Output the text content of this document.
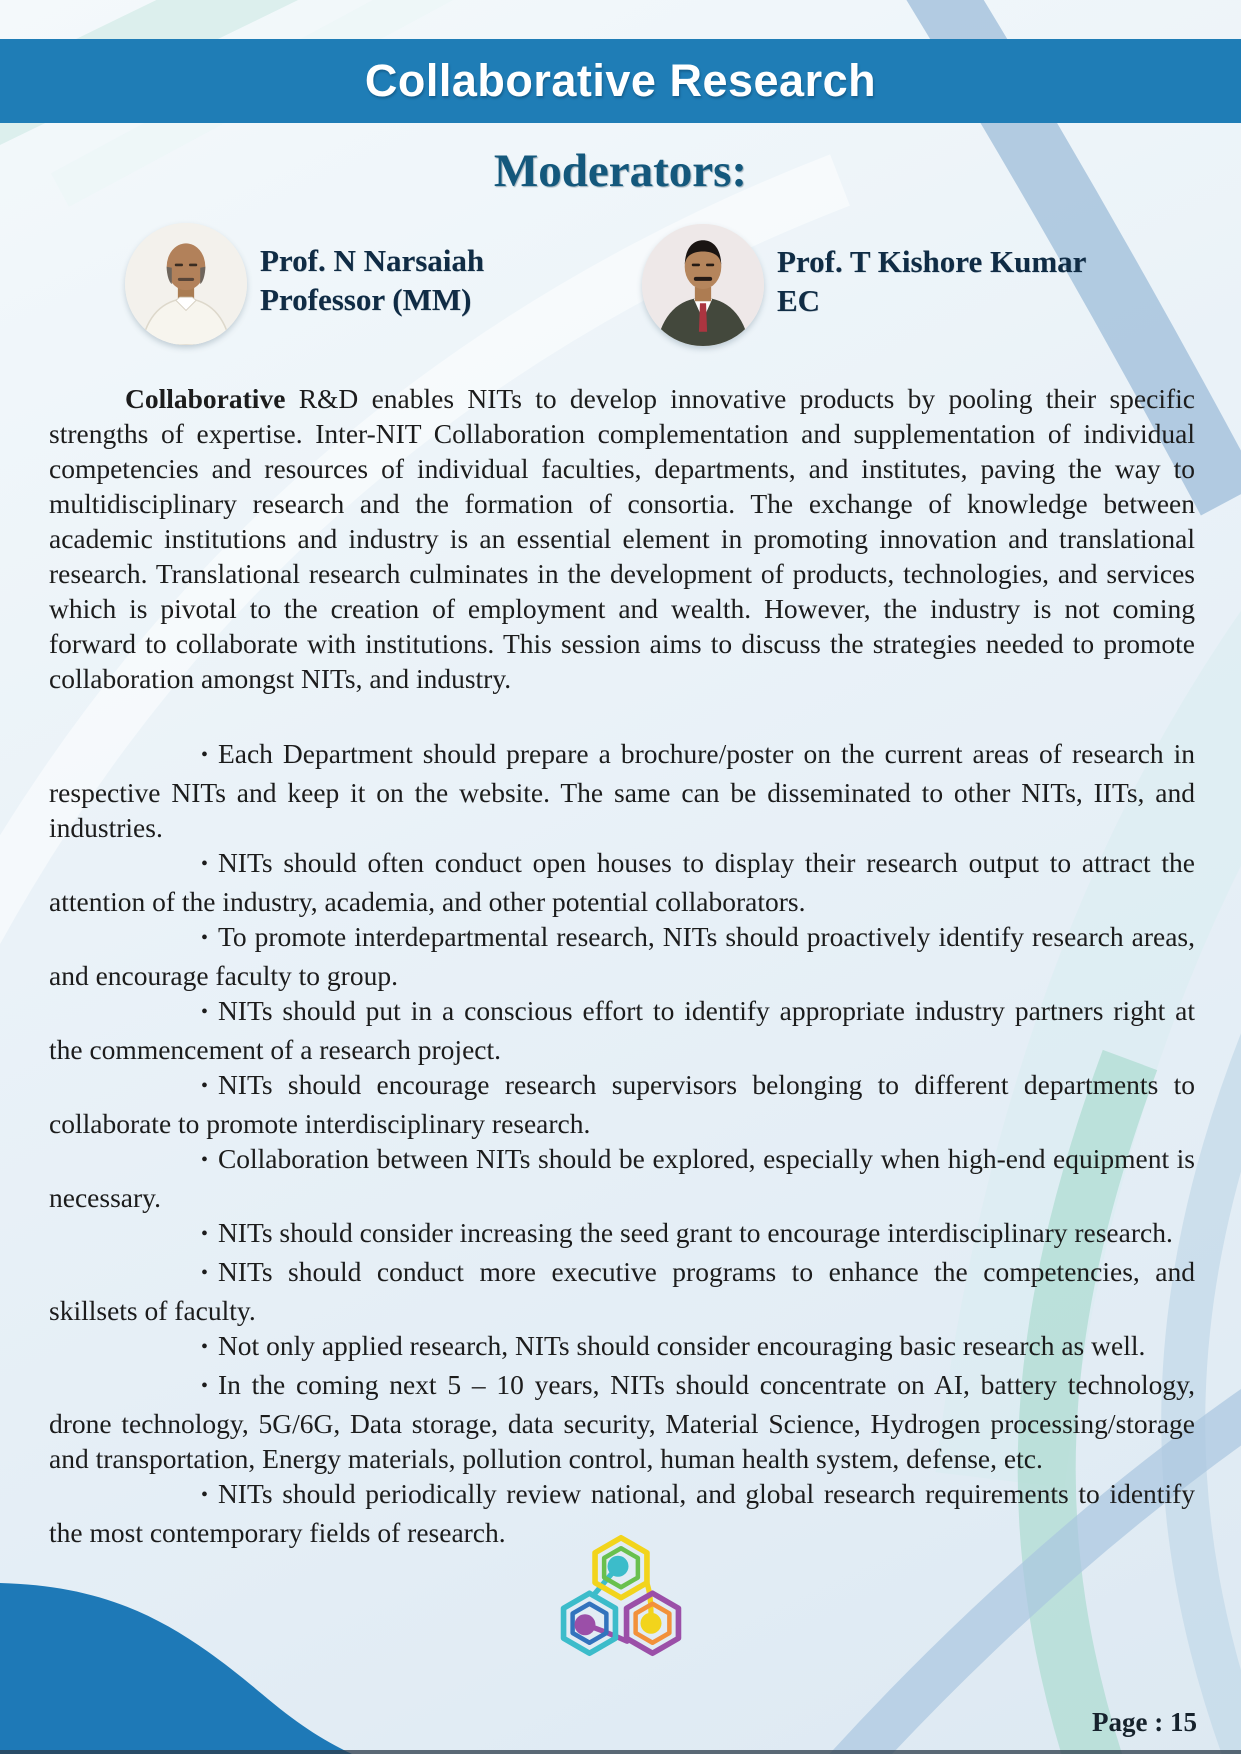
Collaborative Research
Moderators:
Prof. N Narsaiah
Professor (MM)
Prof. T Kishore Kumar
EC

Collaborative R&D enables NITs to develop innovative products by pooling their specific strengths of expertise. Inter-NIT Collaboration complementation and supplementation of individual competencies and resources of individual faculties, departments, and institutes, paving the way to multidisciplinary research and the formation of consortia. The exchange of knowledge between academic institutions and industry is an essential element in promoting innovation and translational research. Translational research culminates in the development of products, technologies, and services which is pivotal to the creation of employment and wealth. However, the industry is not coming forward to collaborate with institutions. This session aims to discuss the strategies needed to promote collaboration amongst NITs, and industry.

• Each Department should prepare a brochure/poster on the current areas of research in respective NITs and keep it on the website. The same can be disseminated to other NITs, IITs, and industries.

• NITs should often conduct open houses to display their research output to attract the attention of the industry, academia, and other potential collaborators.

• To promote interdepartmental research, NITs should proactively identify research areas, and encourage faculty to group.

• NITs should put in a conscious effort to identify appropriate industry partners right at the commencement of a research project.

• NITs should encourage research supervisors belonging to different departments to collaborate to promote interdisciplinary research.

• Collaboration between NITs should be explored, especially when high-end equipment is necessary.

• NITs should consider increasing the seed grant to encourage interdisciplinary research.

• NITs should conduct more executive programs to enhance the competencies, and skillsets of faculty.

• Not only applied research, NITs should consider encouraging basic research as well.

• In the coming next 5 – 10 years, NITs should concentrate on AI, battery technology, drone technology, 5G/6G, Data storage, data security, Material Science, Hydrogen processing/storage and transportation, Energy materials, pollution control, human health system, defense, etc.

• NITs should periodically review national, and global research requirements to identify the most contemporary fields of research.

Page : 15
